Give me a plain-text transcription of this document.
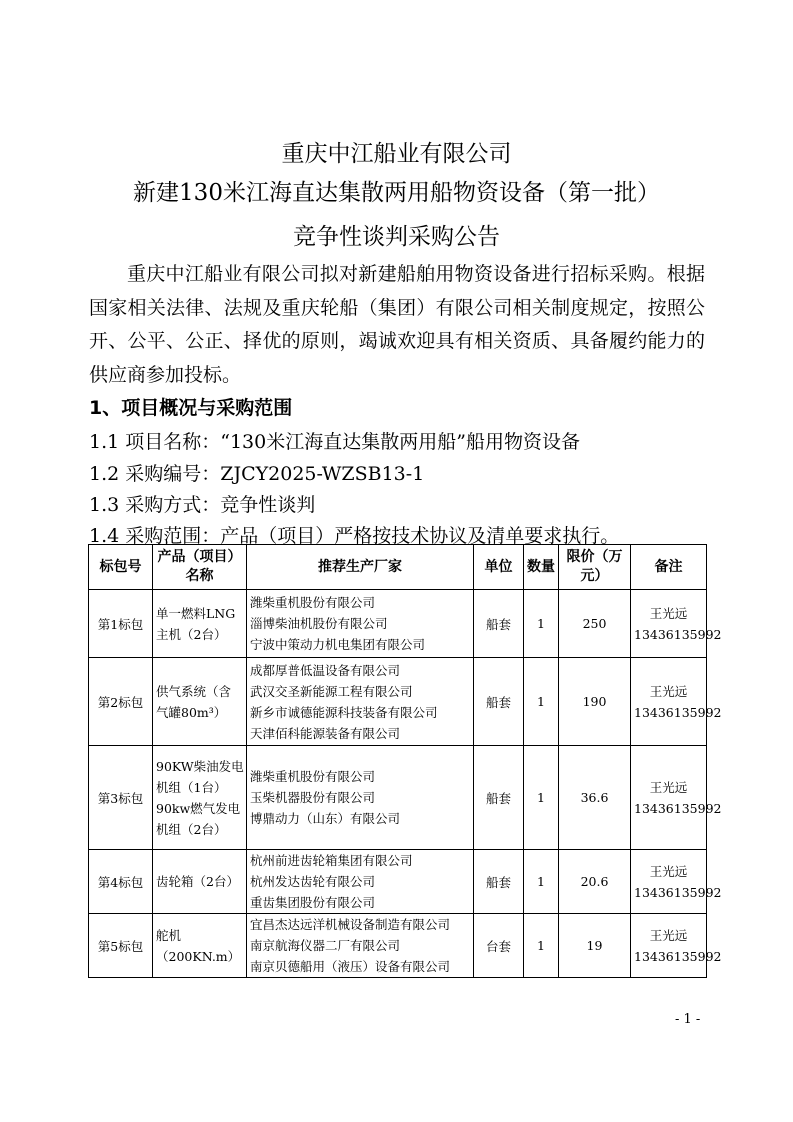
重庆中江船业有限公司
新建130米江海直达集散两用船物资设备（第一批）
竞争性谈判采购公告
重庆中江船业有限公司拟对新建船舶用物资设备进行招标采购。根据国家相关法律、法规及重庆轮船（集团）有限公司相关制度规定，按照公开、公平、公正、择优的原则，竭诚欢迎具有相关资质、具备履约能力的供应商参加投标。
1、项目概况与采购范围
1.1 项目名称：“130米江海直达集散两用船”船用物资设备
1.2 采购编号：ZJCY2025-WZSB13-1
1.3 采购方式：竞争性谈判
1.4 采购范围：产品（项目）严格按技术协议及清单要求执行。
标包号	产品（项目）名称	推荐生产厂家	单位	数量	限价（万元）	备注
第1标包	单一燃料LNG
主机（2台）	潍柴重机股份有限公司
淄博柴油机股份有限公司
宁波中策动力机电集团有限公司	船套	1	250	王光远
13436135992

第2标包	供气系统（含
气罐80m³）	成都厚普低温设备有限公司
武汉交圣新能源工程有限公司
新乡市诚德能源科技装备有限公司
天津佰科能源装备有限公司	船套	1	190	王光远
13436135992

第3标包	90KW柴油发电
机组（1台）
90kw燃气发电
机组（2台）	潍柴重机股份有限公司
玉柴机器股份有限公司
博鼎动力（山东）有限公司	船套	1	36.6	王光远
13436135992

第4标包	齿轮箱（2台）	杭州前进齿轮箱集团有限公司
杭州发达齿轮有限公司
重齿集团股份有限公司	船套	1	20.6	王光远
13436135992

第5标包	舵机
（200KN.m）	宜昌杰达远洋机械设备制造有限公司
南京航海仪器二厂有限公司
南京贝德船用（液压）设备有限公司	台套	1	19	王光远
13436135992
- 1 -
